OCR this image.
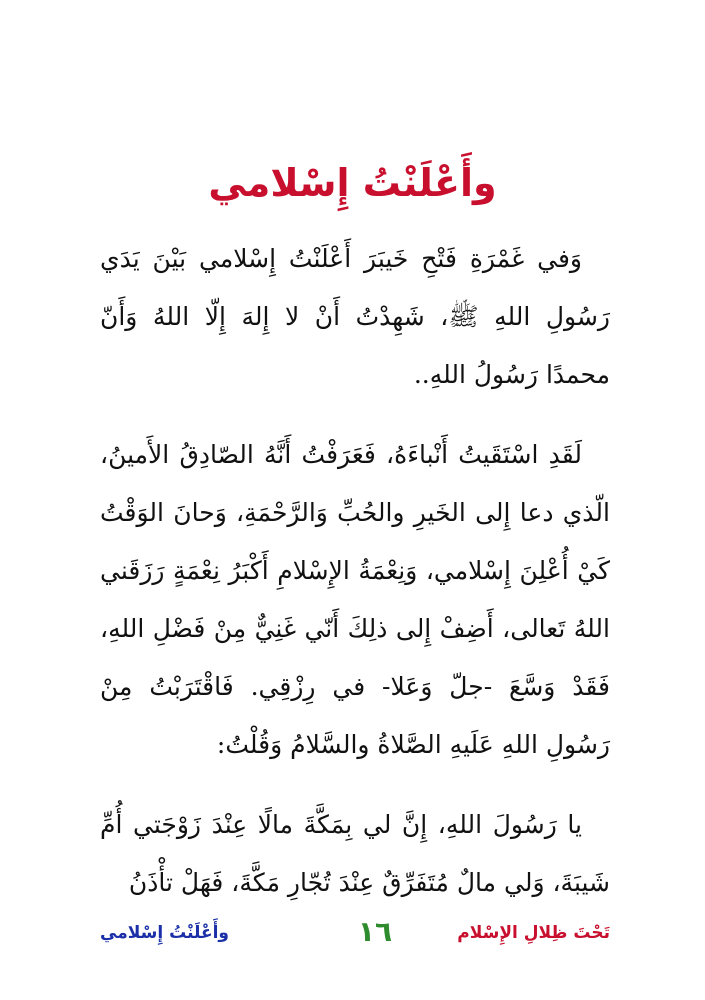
وأَعْلَنْتُ إِسْلامي

وَفي غَمْرَةِ فَتْحِ خَيبَرَ أَعْلَنْتُ إِسْلامي بَيْنَ يَدَي رَسُولِ اللهِ ﷺ، شَهِدْتُ أَنْ لا إِلهَ إِلّا اللهُ وَأَنّ محمدًا رَسُولُ اللهِ..

لَقَدِ اسْتَقَيتُ أَنْباءَهُ، فَعَرَفْتُ أَنَّهُ الصّادِقُ الأَمينُ، الّذي دعا إِلى الخَيرِ والحُبِّ وَالرَّحْمَةِ، وَحانَ الوَقْتُ كَيْ أُعْلِنَ إِسْلامي، وَنِعْمَةُ الإِسْلامِ أَكْبَرُ نِعْمَةٍ رَزَقَني اللهُ تَعالى، أَضِفْ إِلى ذلِكَ أَنّي غَنِيٌّ مِنْ فَضْلِ اللهِ، فَقَدْ وَسَّعَ -جلّ وَعَلا- في رِزْقِي. فَاقْتَرَبْتُ مِنْ رَسُولِ اللهِ عَلَيهِ الصَّلاةُ والسَّلامُ وَقُلْتُ:

يا رَسُولَ اللهِ، إِنَّ لي بِمَكَّةَ مالًا عِنْدَ زَوْجَتي أُمِّ شَيبَةَ، وَلي مالٌ مُتَفَرِّقٌ عِنْدَ تُجّارِ مَكَّةَ، فَهَلْ تأْذَنُ

تَحْتَ ظِلالِ الإِسْلام
١٦
وأَعْلَنْتُ إِسْلامي
